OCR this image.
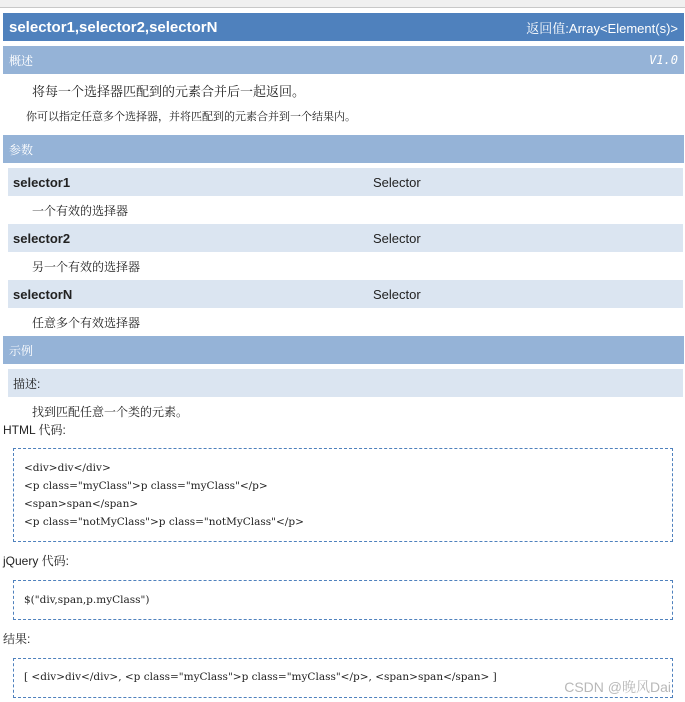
selector1,selector2,selectorN	返回值:Array<Element(s)>
概述	V1.0
将每一个选择器匹配到的元素合并后一起返回。
你可以指定任意多个选择器，并将匹配到的元素合并到一个结果内。
参数
selector1	Selector
一个有效的选择器
selector2	Selector
另一个有效的选择器
selectorN	Selector
任意多个有效选择器
示例
描述:
找到匹配任意一个类的元素。
HTML 代码:
<div>div</div>
<p class="myClass">p class="myClass"</p>
<span>span</span>
<p class="notMyClass">p class="notMyClass"</p>
jQuery 代码:
$("div,span,p.myClass")
结果:
[ <div>div</div>, <p class="myClass">p class="myClass"</p>, <span>span</span> ]
CSDN @晚风Dai
